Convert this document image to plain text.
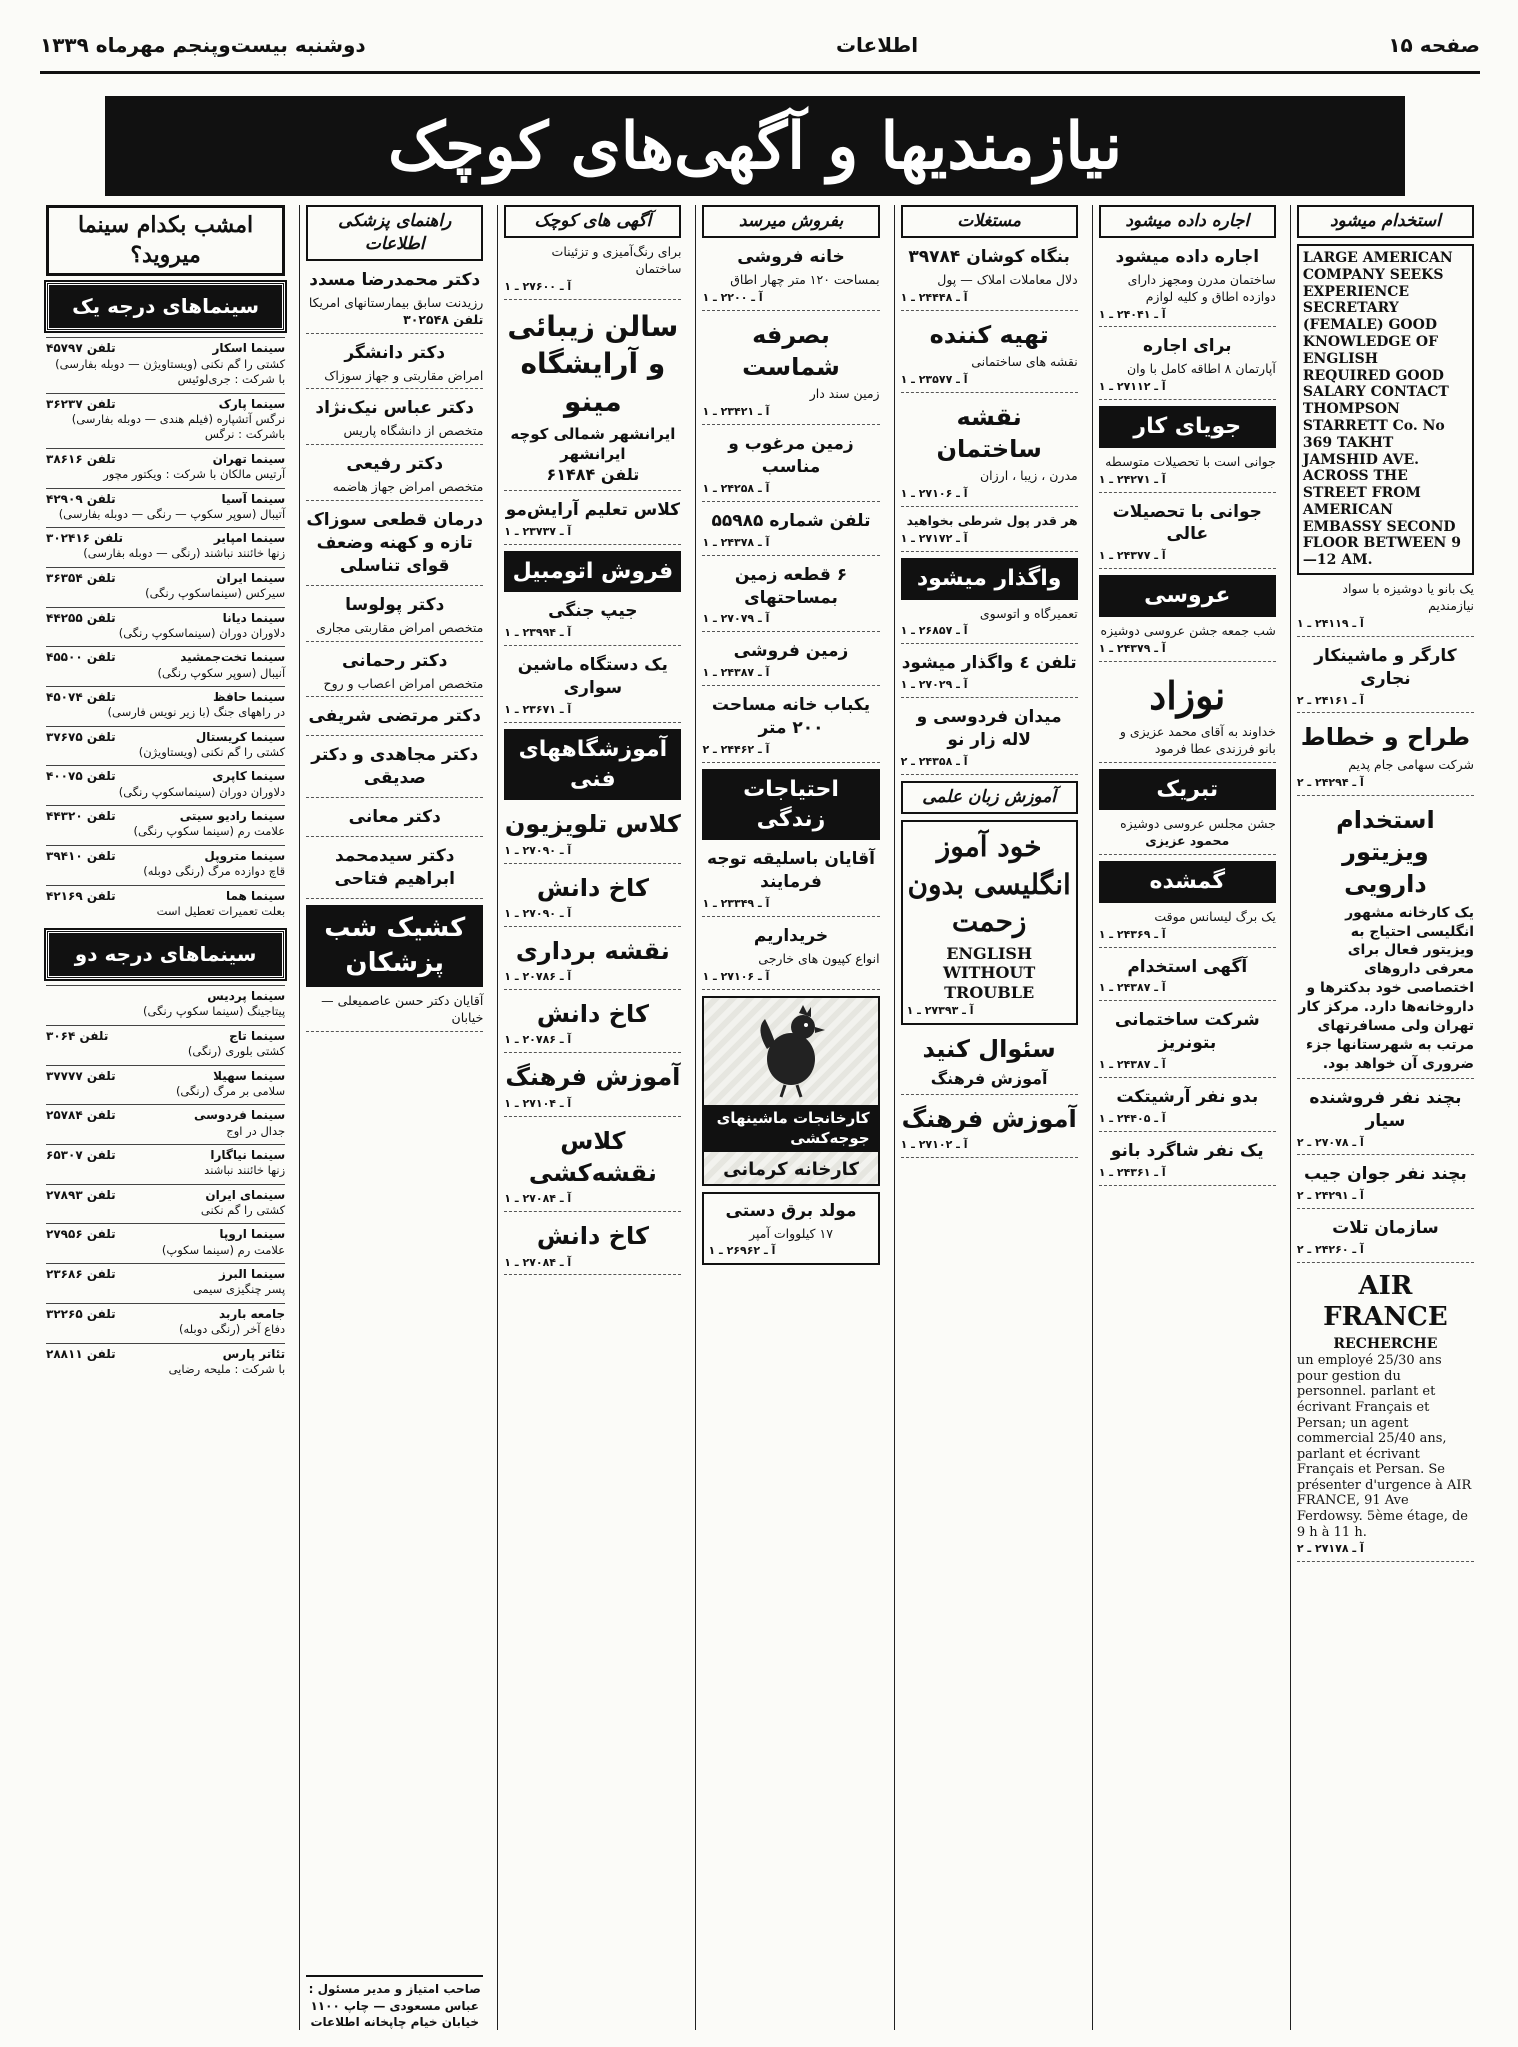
صفحه ۱۵
اطلاعات
دوشنبه بیست‌وپنجم مهرماه ۱۳۳۹
نیازمندیها و آگهی‌های کوچک
استخدام میشود
LARGE AMERICAN COMPANY SEEKS EXPERIENCE SECRETARY (FEMALE) GOOD KNOWLEDGE OF ENGLISH REQUIRED GOOD SALARY CONTACT THOMPSON STARRETT Co. No 369 TAKHT JAMSHID AVE. ACROSS THE STREET FROM AMERICAN EMBASSY SECOND FLOOR BETWEEN 9—12 AM.
یک بانو یا دوشیزه با سواد نیازمندیم
آ ـ ۲۴۱۱۹ ـ ۱
کارگر و ماشینکار نجاری
آ ـ ۲۴۱۶۱ ـ ۲
طراح و خطاط
شرکت سهامی جام پدیم
آ ـ ۲۴۲۹۴ ـ ۲
استخدام ویزیتور دارویی
یک کارخانه مشهور انگلیسی احتیاج به ویزیتور فعال برای معرفی داروهای اختصاصی خود بدکترها و داروخانه‌ها دارد. مرکز کار تهران ولی مسافرتهای مرتب به شهرستانها جزء ضروری آن خواهد بود.
بچند نفر فروشنده سیار
آ ـ ۲۷۰۷۸ ـ ۲
بچند نفر جوان جیب
آ ـ ۲۴۲۹۱ ـ ۲
سازمان تلات
آ ـ ۲۴۲۶۰ ـ ۲
AIR FRANCE
RECHERCHE
un employé 25/30 ans pour gestion du personnel. parlant et écrivant Français et Persan; un agent commercial 25/40 ans, parlant et écrivant Français et Persan. Se présenter d'urgence à AIR FRANCE, 91 Ave Ferdowsy. 5ème étage, de 9 h à 11 h.
آ ـ ۲۷۱۷۸ ـ ۲
اجاره داده میشود
اجاره داده میشود
ساختمان مدرن ومجهز دارای دوازده اطاق و کلیه لوازم
آ ـ ۲۴۰۴۱ ـ ۱
برای اجاره
آپارتمان ۸ اطاقه کامل با وان
آ ـ ۲۷۱۱۲ ـ ۱
جویای کار
جوانی است با تحصیلات متوسطه
آ ـ ۲۴۲۷۱ ـ ۱
جوانی با تحصیلات عالی
آ ـ ۲۴۳۷۷ ـ ۱
عروسی
شب جمعه جشن عروسی دوشیزه
آ ـ ۲۴۳۷۹ ـ ۱
نوزاد
خداوند به آقای محمد عزیزی و بانو فرزندی عطا فرمود
تبریک
جشن مجلس عروسی دوشیزه
محمود عزیزی
گمشده
یک برگ لیسانس موقت
آ ـ ۲۴۳۶۹ ـ ۱
آگهی استخدام
آ ـ ۲۴۳۸۷ ـ ۱
شرکت ساختمانی بتونریز
آ ـ ۲۴۳۸۷ ـ ۱
بدو نفر آرشیتکت
آ ـ ۲۴۴۰۵ ـ ۱
یک نفر شاگرد بانو
آ ـ ۲۴۳۶۱ ـ ۱
مستغلات
بنگاه کوشان ۳۹۷۸۴
دلال معاملات املاک — پول
آ ـ ۲۴۴۴۸ ـ ۱
تهیه کننده
نقشه های ساختمانی
آ ـ ۲۳۵۷۷ ـ ۱
نقشه ساختمان
مدرن ، زیبا ، ارزان
آ ـ ۲۷۱۰۶ ـ ۱
هر قدر پول شرطی بخواهید
آ ـ ۲۷۱۷۲ ـ ۱
واگذار میشود
تعمیرگاه و اتوسوی
آ ـ ۲۶۸۵۷ ـ ۱
تلفن ٤ واگذار میشود
آ ـ ۲۷۰۲۹ ـ ۱
میدان فردوسی و لاله زار نو
آ ـ ۲۴۳۵۸ ـ ۲
آموزش زبان علمی
خود آموز انگلیسی بدون زحمت
ENGLISH WITHOUT TROUBLE
آ ـ ۲۷۳۹۳ ـ ۱
سئوال کنید
آموزش فرهنگ
آموزش فرهنگ
آ ـ ۲۷۱۰۲ ـ ۱
بفروش میرسد
خانه فروشی
بمساحت ۱۲۰ متر چهار اطاق
آ ـ ۲۲۰۰ ـ ۱
بصرفه شماست
زمین سند دار
آ ـ ۲۳۴۲۱ ـ ۱
زمین مرغوب و مناسب
آ ـ ۲۴۲۵۸ ـ ۱
تلفن شماره ۵۵۹۸۵
آ ـ ۲۴۳۷۸ ـ ۱
۶ قطعه زمین بمساحتهای
آ ـ ۲۷۰۷۹ ـ ۱
زمین فروشی
آ ـ ۲۴۳۸۷ ـ ۱
یکباب خانه مساحت ۲۰۰ متر
آ ـ ۲۴۴۶۲ ـ ۲
احتیاجات زندگی
آقایان باسلیقه توجه فرمایند
آ ـ ۲۳۳۴۹ ـ ۱
خریداریم
انواع کپیون های خارجی
آ ـ ۲۷۱۰۶ ـ ۱
کارخانجات ماشینهای جوجه‌کشی
کارخانه کرمانی
مولد برق دستی
۱۷ کیلووات آمپر
آ ـ ۲۶۹۶۲ ـ ۱
آگهی های کوچک
برای رنگ‌آمیزی و تزئینات ساختمان
آ ـ ۲۷۶۰۰ ـ ۱
سالن زیبائی و آرایشگاه مینو
ایرانشهر شمالی کوچه ایرانشهر
تلفن ۶۱۴۸۴
کلاس تعلیم آرایش‌مو
آ ـ ۲۳۷۳۷ ـ ۱
فروش اتومبیل
جیپ جنگی
آ ـ ۲۳۹۹۴ ـ ۱
یک دستگاه ماشین سواری
آ ـ ۲۳۶۷۱ ـ ۱
آموزشگاههای فنی
کلاس تلویزیون
آ ـ ۲۷۰۹۰ ـ ۱
کاخ دانش
آ ـ ۲۷۰۹۰ ـ ۱
نقشه برداری
آ ـ ۲۰۷۸۶ ـ ۱
کاخ دانش
آ ـ ۲۰۷۸۶ ـ ۱
آموزش فرهنگ
آ ـ ۲۷۱۰۴ ـ ۱
کلاس نقشه‌کشی
آ ـ ۲۷۰۸۴ ـ ۱
کاخ دانش
آ ـ ۲۷۰۸۴ ـ ۱
راهنمای پزشکی اطلاعات
دکتر محمدرضا مسدد
رزیدنت سابق بیمارستانهای امریکا
تلفن ۳۰۲۵۴۸
دکتر دانشگر
امراض مقاربتی و جهاز سوزاک
دکتر عباس نیک‌نژاد
متخصص از دانشگاه پاریس
دکتر رفیعی
متخصص امراض جهاز هاضمه
درمان قطعی سوزاک تازه و کهنه وضعف قوای تناسلی
دکتر پولوسا
متخصص امراض مقاربتی مجاری
دکتر رحمانی
متخصص امراض اعصاب و روح
دکتر مرتضی شریفی
دکتر مجاهدی و دکتر صدیقی
دکتر معانی
دکتر سیدمحمد ابراهیم فتاحی
کشیک شب پزشکان
آقایان دکتر حسن عاصمیعلی — خیابان
صاحب امتیاز و مدیر مسئول : عباس مسعودی — چاپ ۱۱۰۰ خیابان خیام چاپخانه اطلاعات
امشب بکدام سینما میروید؟
سینماهای درجه یک
سینما اسکار
تلفن ۴۵۷۹۷
کشتی را گم نکنی (ویستاویژن — دوبله بفارسی) با شرکت : جری‌لوئیس
سینما پارک
تلفن ۳۶۲۳۷
نرگس آتشپاره (فیلم هندی — دوبله بفارسی) باشرکت : نرگس
سینما تهران
تلفن ۳۸۶۱۶
آرتیس مالکان با شرکت : ویکتور مچور
سینما آسیا
تلفن ۴۲۹۰۹
آتیبال (سوپر سکوپ — رنگی — دوبله بفارسی)
سینما امپایر
تلفن ۳۰۲۴۱۶
زنها خائنند نباشند (رنگی — دوبله بفارسی)
سینما ایران
تلفن ۳۶۳۵۴
سیرکس (سینماسکوپ رنگی)
سینما دیانا
تلفن ۴۴۲۵۵
دلاوران دوران (سینماسکوپ رنگی)
سینما تخت‌جمشید
تلفن ۴۵۵۰۰
آنیبال (سوپر سکوپ رنگی)
سینما حافظ
تلفن ۴۵۰۷۴
در راههای جنگ (با زیر نویس فارسی)
سینما کریستال
تلفن ۳۷۶۷۵
کشتی را گم نکنی (ویستاویژن)
سینما کاپری
تلفن ۴۰۰۷۵
دلاوران دوران (سینماسکوپ رنگی)
سینما رادیو سیتی
تلفن ۴۴۳۲۰
علامت رم (سینما سکوپ رنگی)
سینما متروپل
تلفن ۳۹۴۱۰
قاچ دوازده مرگ (رنگی دوبله)
سینما هما
تلفن ۴۲۱۶۹
بعلت تعمیرات تعطیل است
سینماهای درجه دو
سینما پردیس
پیتاجینگ (سینما سکوپ رنگی)
سینما تاج
تلفن ۳۰۶۴
کشتی بلوری (رنگی)
سینما سهیلا
تلفن ۳۷۷۷۷
سلامی بر مرگ (رنگی)
سینما فردوسی
تلفن ۲۵۷۸۴
جدال در اوج
سینما نیاگارا
تلفن ۶۵۳۰۷
زنها خائنند نباشند
سینمای ایران
تلفن ۲۷۸۹۳
کشتی را گم نکنی
سینما اروپا
تلفن ۲۷۹۵۶
علامت رم (سینما سکوپ)
سینما البرز
تلفن ۲۳۶۸۶
پسر چنگیزی سیمی
جامعه باربد
تلفن ۳۲۲۶۵
دفاع آخر (رنگی دوبله)
تئاتر پارس
تلفن ۲۸۸۱۱
با شرکت : ملیحه رضایی
